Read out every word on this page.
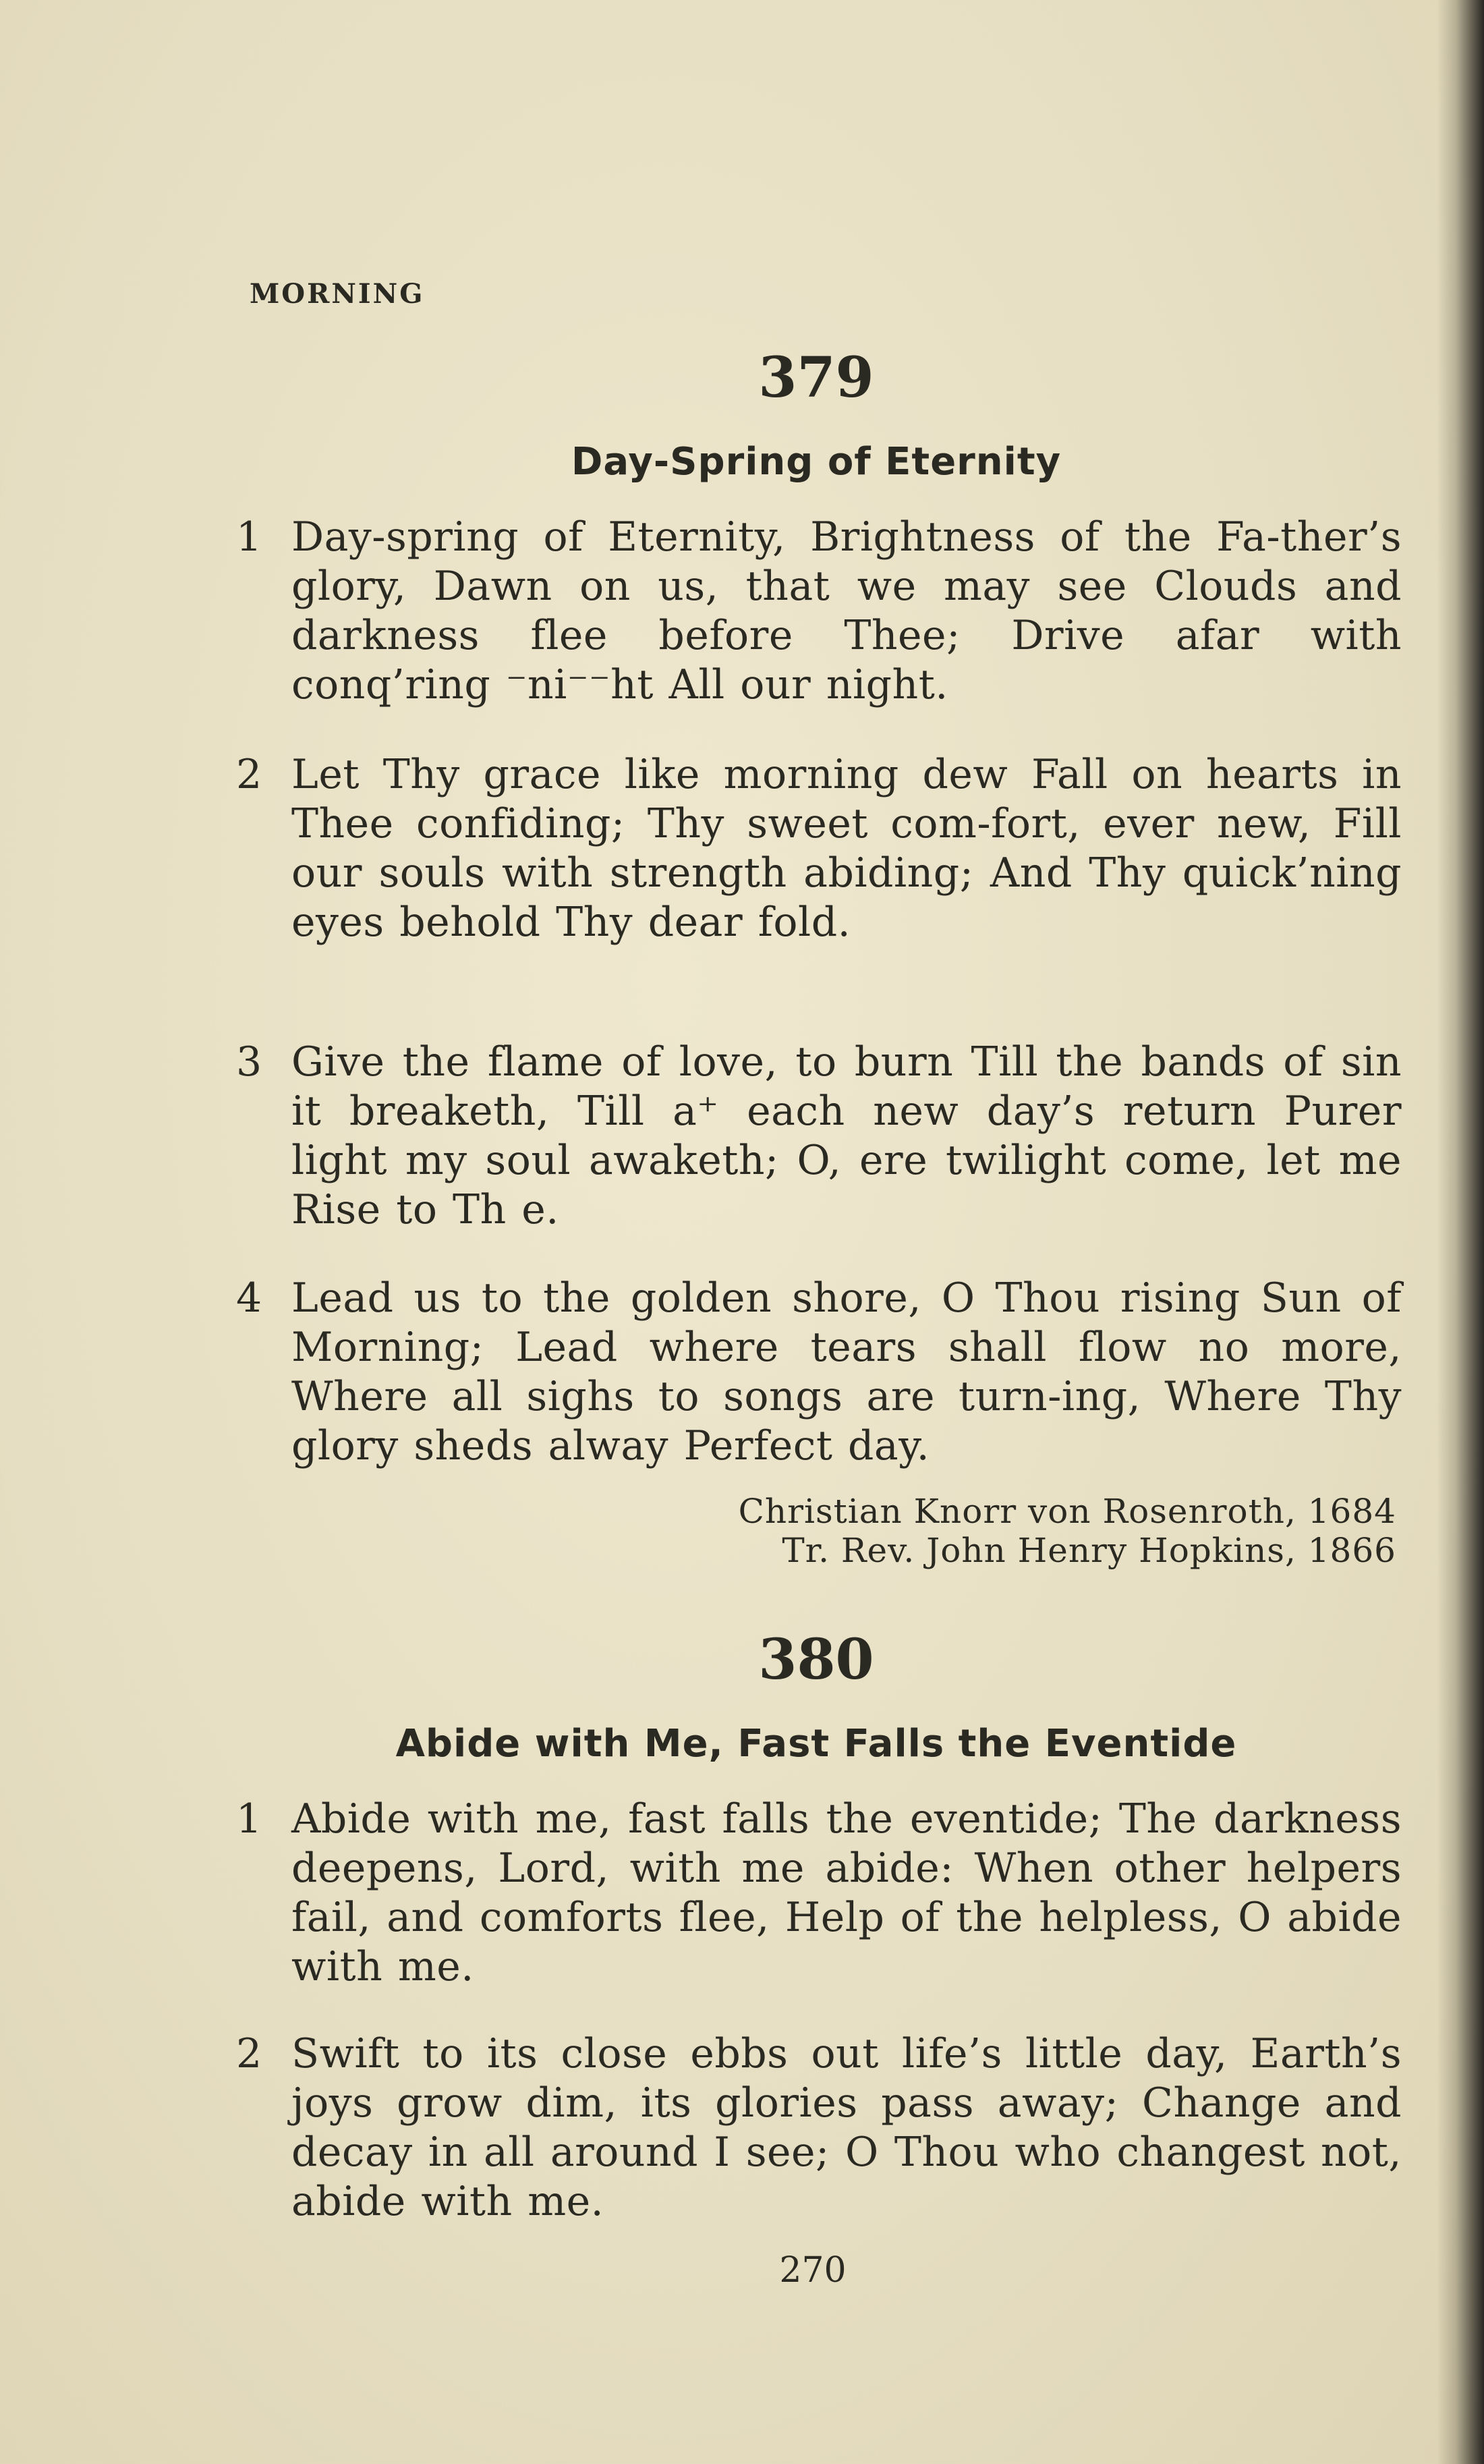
MORNING
379
Day-Spring of Eternity
1 Day-spring of Eternity, Brightness of the Fa-ther’s glory, Dawn on us, that we may see Clouds and darkness flee before Thee; Drive afar with conq’ring ⁻ni⁻⁻ht All our night.
2 Let Thy grace like morning dew Fall on hearts in Thee confiding; Thy sweet com-fort, ever new, Fill our souls with strength abiding; And Thy quick’ning eyes behold Thy dear fold.
3 Give the flame of love, to burn Till the bands of sin it breaketh, Till a⁺ each new day’s return Purer light my soul awaketh; O, ere twilight come, let me Rise to Th e.
4 Lead us to the golden shore, O Thou rising Sun of Morning; Lead where tears shall flow no more, Where all sighs to songs are turn-ing, Where Thy glory sheds alway Perfect day.
Christian Knorr von Rosenroth, 1684
Tr. Rev. John Henry Hopkins, 1866
380
Abide with Me, Fast Falls the Eventide
1 Abide with me, fast falls the eventide; The darkness deepens, Lord, with me abide: When other helpers fail, and comforts flee, Help of the helpless, O abide with me.
2 Swift to its close ebbs out life’s little day, Earth’s joys grow dim, its glories pass away; Change and decay in all around I see; O Thou who changest not, abide with me.
270
